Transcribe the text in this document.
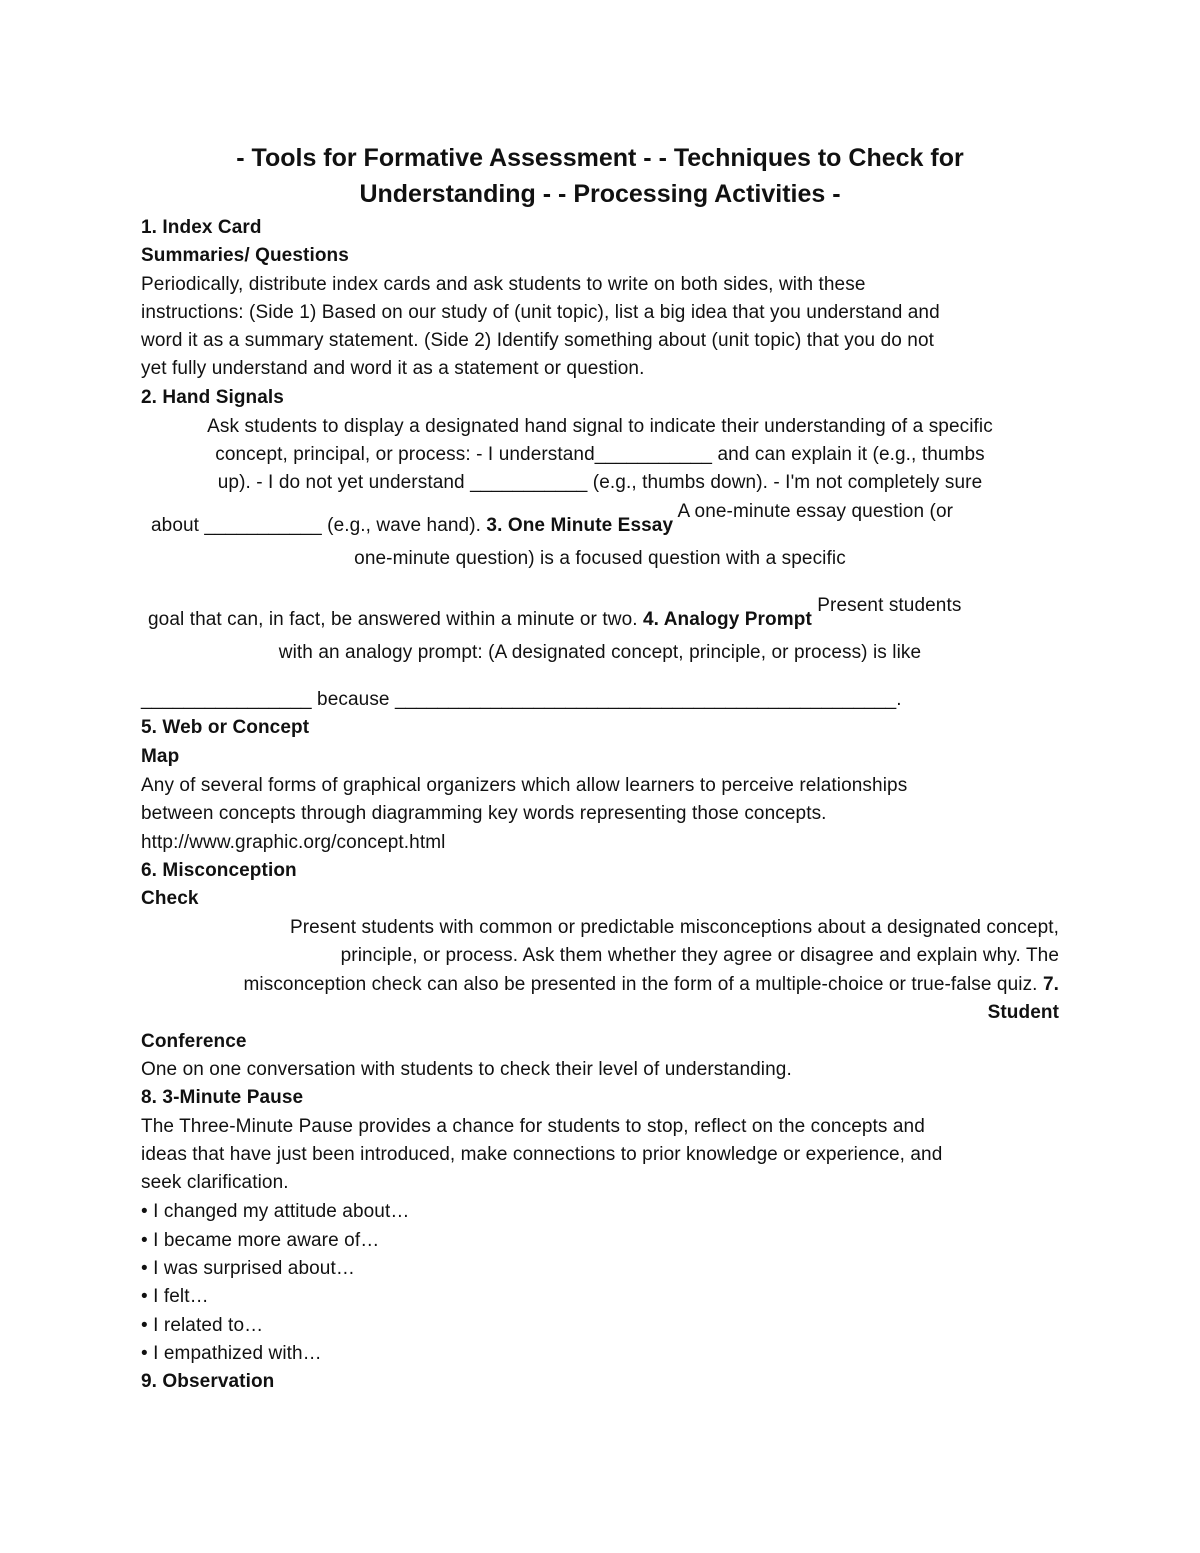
- Tools for Formative Assessment - - Techniques to Check for
Understanding - - Processing Activities -
1. Index Card
Summaries/ Questions
Periodically, distribute index cards and ask students to write on both sides, with these
instructions: (Side 1) Based on our study of (unit topic), list a big idea that you understand and
word it as a summary statement. (Side 2) Identify something about (unit topic) that you do not
yet fully understand and word it as a statement or question.
2. Hand Signals
Ask students to display a designated hand signal to indicate their understanding of a specific
concept, principal, or process: - I understand___________ and can explain it (e.g., thumbs
up). - I do not yet understand ___________ (e.g., thumbs down). - I'm not completely sure
about ___________ (e.g., wave hand). 3. One Minute Essay A one-minute essay question (or
one-minute question) is a focused question with a specific
goal that can, in fact, be answered within a minute or two. 4. Analogy Prompt Present students
with an analogy prompt: (A designated concept, principle, or process) is like
________________ because _______________________________________________.
5. Web or Concept
Map
Any of several forms of graphical organizers which allow learners to perceive relationships
between concepts through diagramming key words representing those concepts.
http://www.graphic.org/concept.html
6. Misconception
Check
Present students with common or predictable misconceptions about a designated concept,
principle, or process. Ask them whether they agree or disagree and explain why. The
misconception check can also be presented in the form of a multiple-choice or true-false quiz. 7.
Student
Conference
One on one conversation with students to check their level of understanding.
8. 3-Minute Pause
The Three-Minute Pause provides a chance for students to stop, reflect on the concepts and
ideas that have just been introduced, make connections to prior knowledge or experience, and
seek clarification.
• I changed my attitude about…
• I became more aware of…
• I was surprised about…
• I felt…
• I related to…
• I empathized with…
9. Observation
